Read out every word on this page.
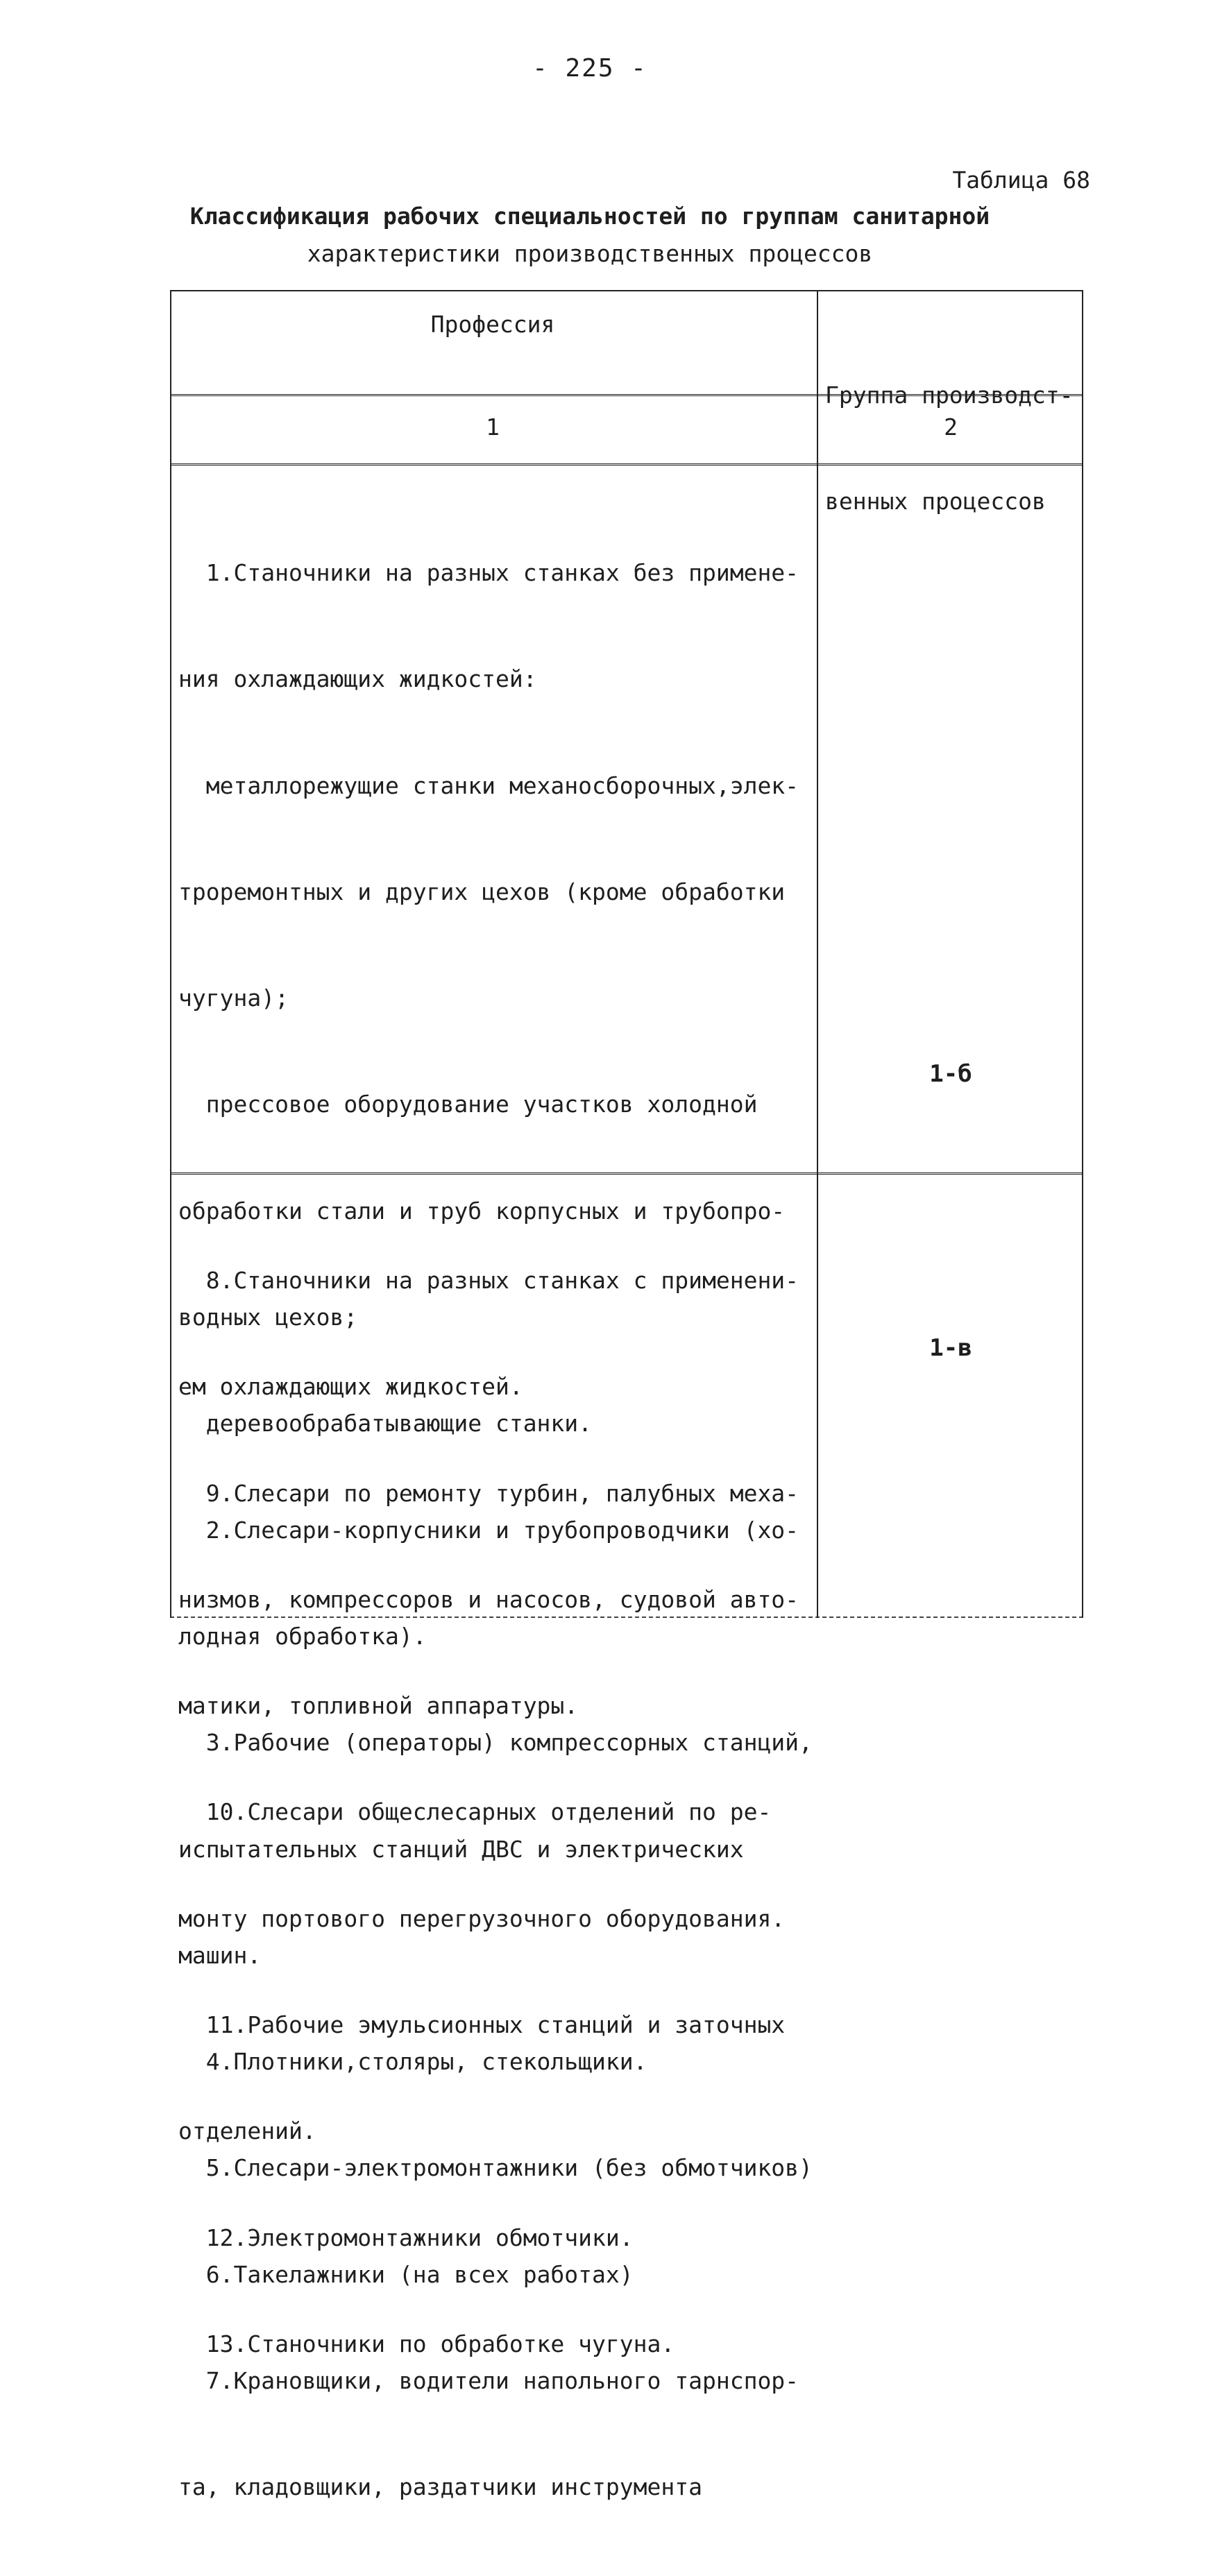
- 225 -
Таблица 68
Классификация рабочих специальностей по группам санитарной
характеристики производственных процессов
Профессия

Группа производст-

венных процессов

1	2

1.Станочники на разных станках без примене-

ния охлаждающих жидкостей:

металлорежущие станки механосборочных,элек-

троремонтных и других цехов (кроме обработки

чугуна);

прессовое оборудование участков холодной

обработки стали и труб корпусных и трубопро-

водных цехов;

деревообрабатывающие станки.

2.Слесари-корпусники и трубопроводчики (хо-

лодная обработка).

3.Рабочие (операторы) компрессорных станций,

испытательных станций ДВС и электрических

машин.

4.Плотники,столяры, стекольщики.

5.Слесари-электромонтажники (без обмотчиков)

6.Такелажники (на всех работах)

7.Крановщики, водители напольного тарнспор-

та, кладовщики, раздатчики инструмента

1-б

8.Станочники на разных станках с применени-

ем охлаждающих жидкостей.

9.Слесари по ремонту турбин, палубных меха-

низмов, компрессоров и насосов, судовой авто-

матики, топливной аппаратуры.

10.Слесари общеслесарных отделений по ре-

монту портового перегрузочного оборудования.

11.Рабочие эмульсионных станций и заточных

отделений.

12.Электромонтажники обмотчики.

13.Станочники по обработке чугуна.

1-в
